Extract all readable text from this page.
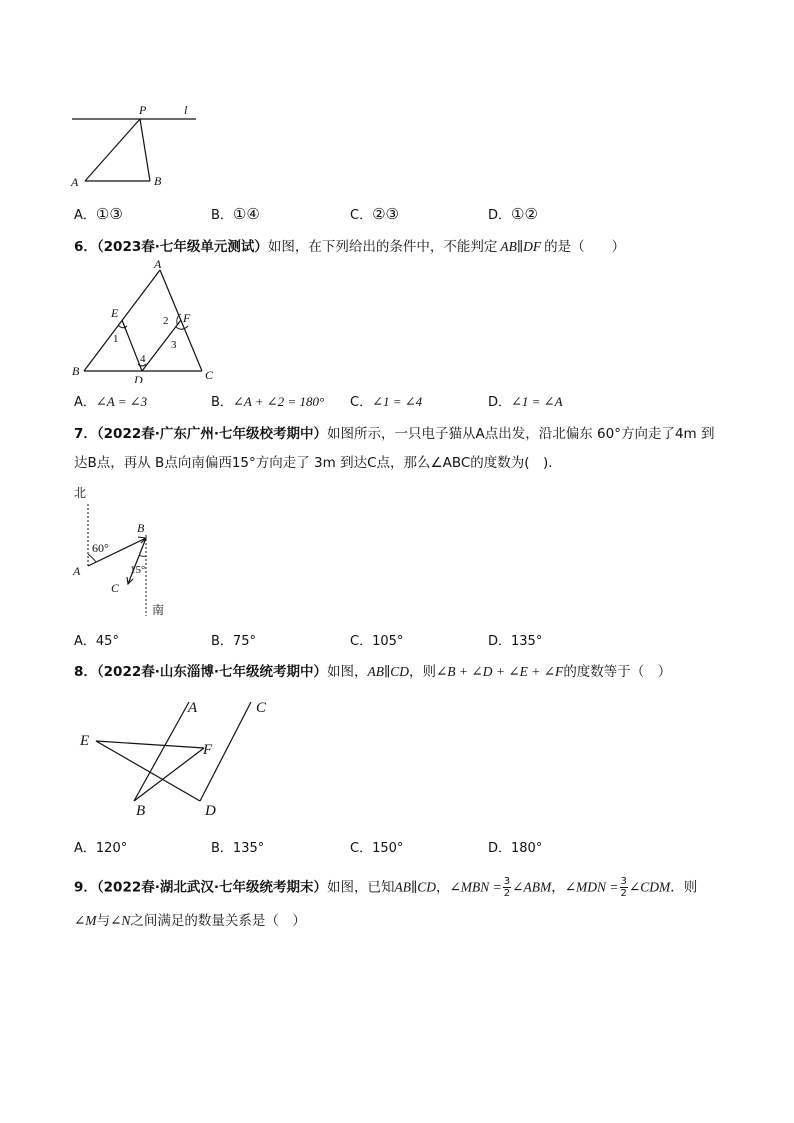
P	l
A	B
A．①③	B．①④	C．②③	D．①②
6．（2023春·七年级单元测试）如图，在下列给出的条件中，不能判定 AB∥DF 的是（　　）
A
B	C
D
E	F
1
2
3
4
A．∠A = ∠3	B．∠A + ∠2 = 180° C．∠1 = ∠4	D．∠1 = ∠A
7．（2022春·广东广州·七年级校考期中）如图所示，一只电子猫从A点出发，沿北偏东 60°方向走了4m 到
达B点，再从 B点向南偏西15°方向走了 3m 到达C点，那么∠ABC的度数为(　).
北
南
60°
15°
A
B
C
A．45°	B．75°	C．105°	D．135°
8．（2022春·山东淄博·七年级统考期中）如图，AB∥CD，则∠B + ∠D + ∠E + ∠F的度数等于（　）
A	C
E
F
B	D
A．120°	B．135°	C．150°	D．180°
9．（2022春·湖北武汉·七年级统考期末）如图，已知AB∥CD，∠MBN = $\frac{3}{2}$ ∠ABM，∠MDN = $\frac{3}{2}$ ∠CDM．则
∠M与∠N之间满足的数量关系是（　）
